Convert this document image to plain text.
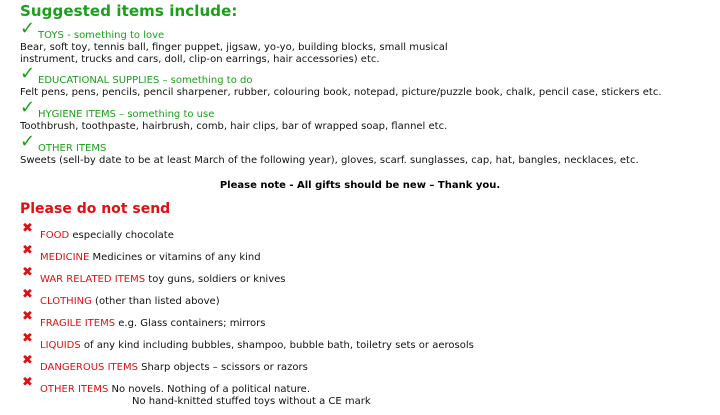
Suggested items include:
✓ TOYS - something to love
Bear, soft toy, tennis ball, finger puppet, jigsaw, yo-yo, building blocks, small musical
instrument, trucks and cars, doll, clip-on earrings, hair accessories) etc.
✓ EDUCATIONAL SUPPLIES – something to do
Felt pens, pens, pencils, pencil sharpener, rubber, colouring book, notepad, picture/puzzle book, chalk, pencil case, stickers etc.
✓ HYGIENE ITEMS – something to use
Toothbrush, toothpaste, hairbrush, comb, hair clips, bar of wrapped soap, flannel etc.
✓ OTHER ITEMS
Sweets (sell-by date to be at least March of the following year), gloves, scarf. sunglasses, cap, hat, bangles, necklaces, etc.

Please note - All gifts should be new – Thank you.

Please do not send
✖ FOOD especially chocolate
✖ MEDICINE Medicines or vitamins of any kind
✖ WAR RELATED ITEMS toy guns, soldiers or knives
✖ CLOTHING (other than listed above)
✖ FRAGILE ITEMS e.g. Glass containers; mirrors
✖ LIQUIDS of any kind including bubbles, shampoo, bubble bath, toiletry sets or aerosols
✖ DANGEROUS ITEMS Sharp objects – scissors or razors
✖ OTHER ITEMS No novels. Nothing of a political nature.
No hand-knitted stuffed toys without a CE mark
